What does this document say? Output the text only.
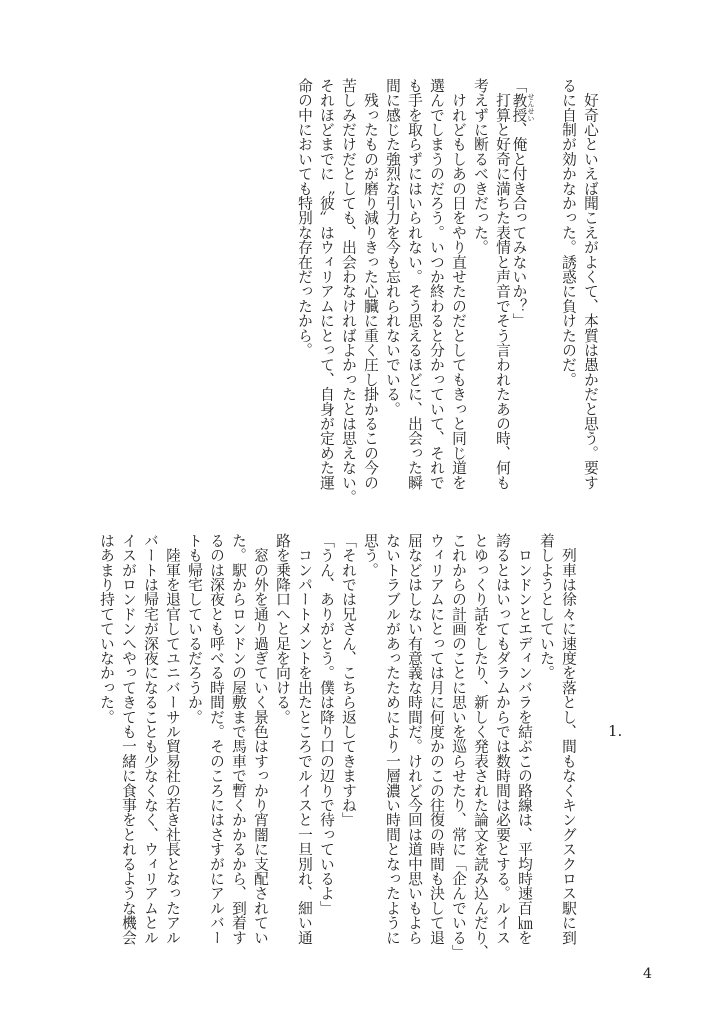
　好奇心といえば聞こえがよくて、本質は愚かだと思う。要す
るに自制が効かなかった。誘惑に負けたのだ。
「教授 せんせい、俺と付き合ってみないか？」
　打算と好奇に満ちた表情と声音でそう言われたあの時、何も
考えずに断るべきだった。
　けれどもしあの日をやり直せたのだとしてもきっと同じ道を
選んでしまうのだろう。いつか終わると分かっていて、それで
も手を取らずにはいられない。そう思えるほどに、出会った瞬
間に感じた強烈な引力を今も忘れられないでいる。
　残ったものが磨り減りきった心臓に重く圧し掛かるこの今の
苦しみだけだとしても、出会わなければよかったとは思えない。
それほどまでに〝彼〟はウィリアムにとって、自身が定めた運
命の中においても特別な存在だったから。
1.
　列車は徐々に速度を落とし、間もなくキングスクロス駅に到
着しようとしていた。
　ロンドンとエディンバラを結ぶこの路線は、平均時速百㎞を
誇るとはいってもダラムからでは数時間は必要とする。ルイス
とゆっくり話をしたり、新しく発表された論文を読み込んだり、
これからの計画のことに思いを巡らせたり、常に「企んでいる」
ウィリアムにとっては月に何度かのこの往復の時間も決して退
屈などはしない有意義な時間だ。けれど今回は道中思いもよら
ないトラブルがあったためにより一層濃い時間となったように
思う。
「それでは兄さん、こちら返してきますね」
「うん、ありがとう。僕は降り口の辺りで待っているよ」
　コンパートメントを出たところでルイスと一旦別れ、細い通
路を乗降口へと足を向ける。
　窓の外を通り過ぎていく景色はすっかり宵闇に支配されてい
た。駅からロンドンの屋敷まで馬車で暫くかかるから、到着す
るのは深夜とも呼べる時間だ。そのころにはさすがにアルバー
トも帰宅しているだろうか。
　陸軍を退官してユニバーサル貿易社の若き社長となったアル
バートは帰宅が深夜になることも少なくなく、ウィリアムとル
イスがロンドンへやってきても一緒に食事をとれるような機会
はあまり持てていなかった。
4
